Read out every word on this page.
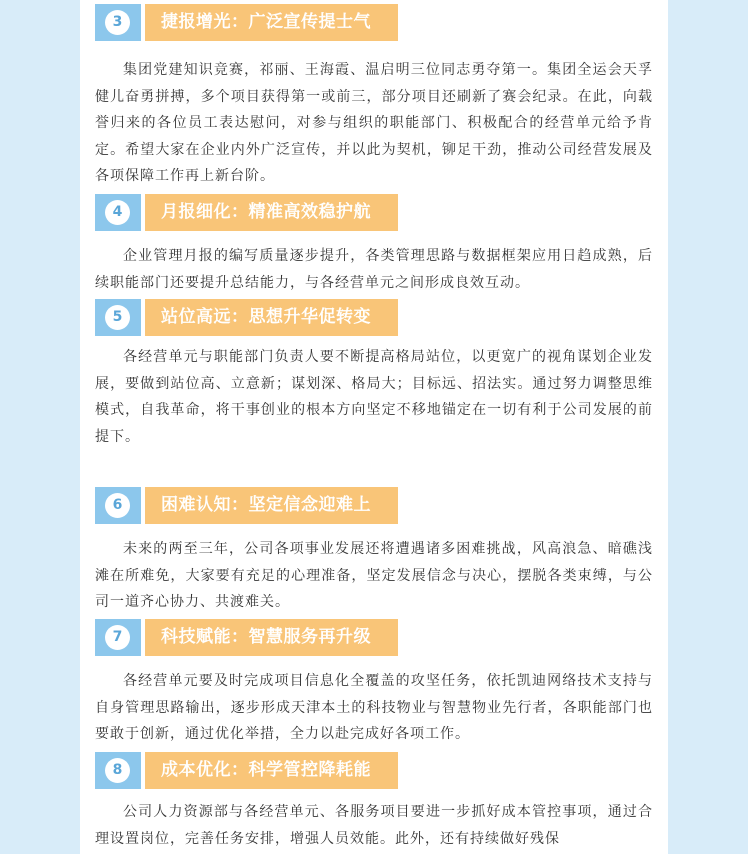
3	捷报增光：广泛宣传提士气

集团党建知识竞赛，祁丽、王海霞、温启明三位同志勇夺第一。集团全运会天孚健儿奋勇拼搏，多个项目获得第一或前三，部分项目还刷新了赛会纪录。在此，向载誉归来的各位员工表达慰问，对参与组织的职能部门、积极配合的经营单元给予肯定。希望大家在企业内外广泛宣传，并以此为契机，铆足干劲，推动公司经营发展及各项保障工作再上新台阶。

4	月报细化：精准高效稳护航

企业管理月报的编写质量逐步提升，各类管理思路与数据框架应用日趋成熟，后续职能部门还要提升总结能力，与各经营单元之间形成良效互动。

5	站位高远：思想升华促转变

各经营单元与职能部门负责人要不断提高格局站位，以更宽广的视角谋划企业发展，要做到站位高、立意新；谋划深、格局大；目标远、招法实。通过努力调整思维模式，自我革命，将干事创业的根本方向坚定不移地锚定在一切有利于公司发展的前提下。

6	困难认知：坚定信念迎难上

未来的两至三年，公司各项事业发展还将遭遇诸多困难挑战，风高浪急、暗礁浅滩在所难免，大家要有充足的心理准备，坚定发展信念与决心，摆脱各类束缚，与公司一道齐心协力、共渡难关。

7	科技赋能：智慧服务再升级

各经营单元要及时完成项目信息化全覆盖的攻坚任务，依托凯迪网络技术支持与自身管理思路输出，逐步形成天津本土的科技物业与智慧物业先行者，各职能部门也要敢于创新，通过优化举措，全力以赴完成好各项工作。

8	成本优化：科学管控降耗能

公司人力资源部与各经营单元、各服务项目要进一步抓好成本管控事项，通过合理设置岗位，完善任务安排，增强人员效能。此外，还有持续做好残保
